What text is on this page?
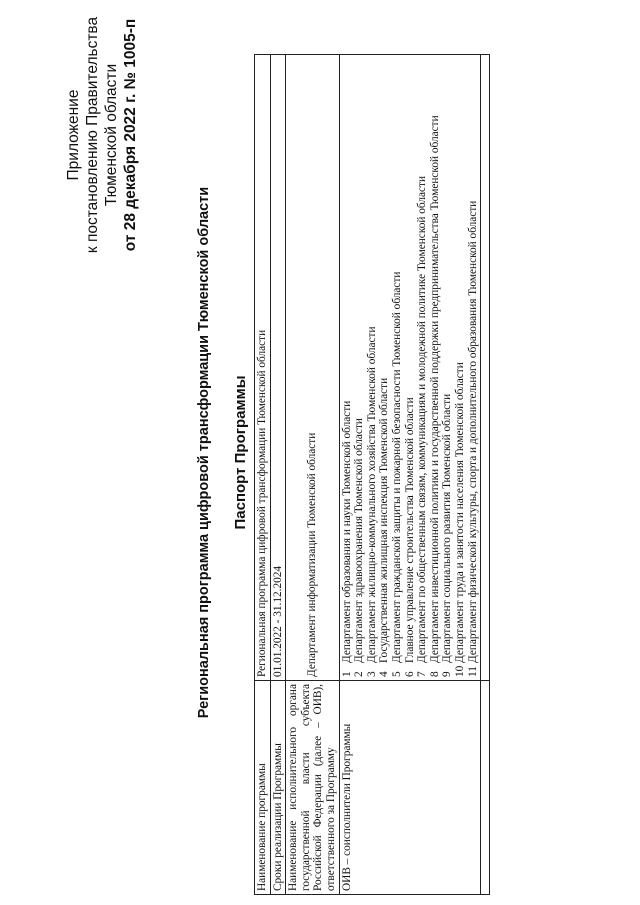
Приложение к постановлению Правительства Тюменской области от 28 декабря 2022 г. № 1005-п
Региональная программа цифровой трансформации Тюменской области Паспорт Программы
Наименование программы	Региональная программа цифровой трансформации Тюменской области
Сроки реализации Программы	01.01.2022 - 31.12.2024
Наименование исполнительного органа государственной власти субъекта Российской Федерации (далее – ОИВ), ответственного за Программу	Департамент информатизации Тюменской области
ОИВ – соисполнители Программы	
1	Департамент образования и науки Тюменской области
2	Департамент здравоохранения Тюменской области
3	Департамент жилищно-коммунального хозяйства Тюменской области
4	Государственная жилищная инспекция Тюменской области
5	Департамент гражданской защиты и пожарной безопасности Тюменской области
6	Главное управление строительства Тюменской области
7	Департамент по общественным связям, коммуникациям и молодежной политике Тюменской области
8	Департамент инвестиционной политики и государственной поддержки предпринимательства Тюменской области
9	Департамент социального развития Тюменской области
10	Департамент труда и занятости населения Тюменской области
11	Департамент физической культуры, спорта и дополнительного образования Тюменской области
